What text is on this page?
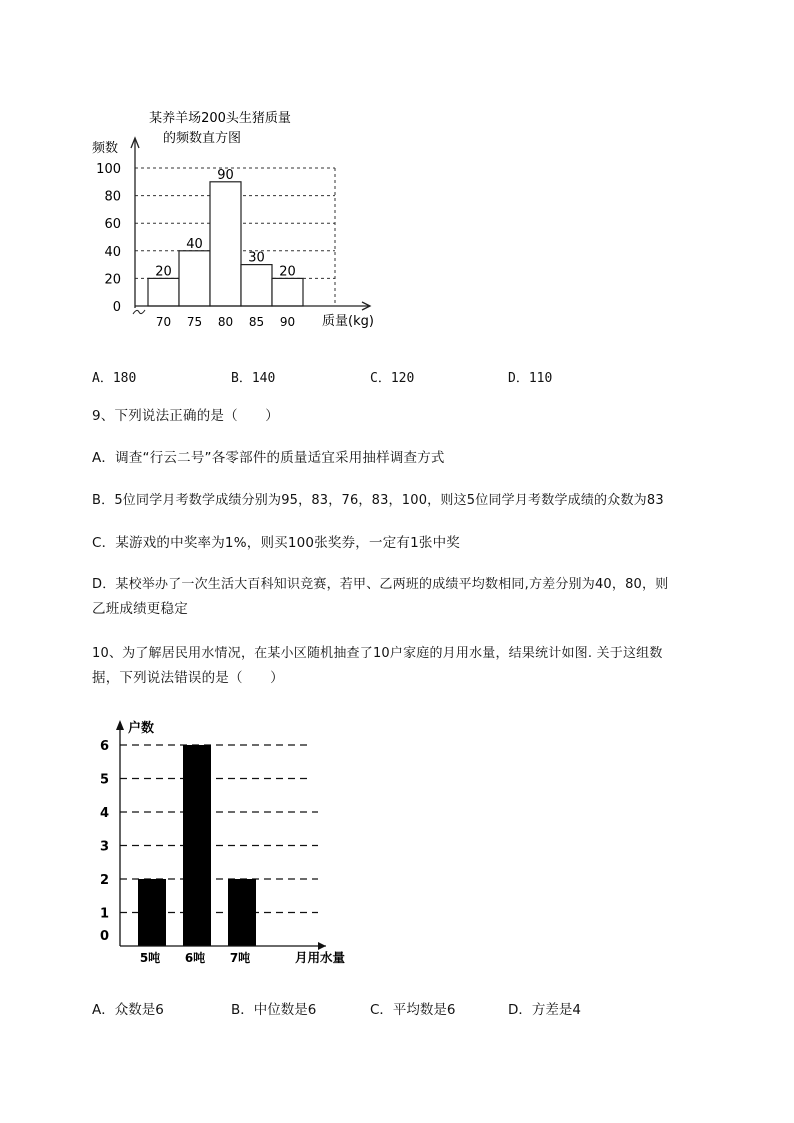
某养羊场200头生猪质量
的频数直方图
频数
质量(kg)
0
20
40
60
80
100
70 75 80 85 90
20
40
90
30
20
A．180	B．140	C．120	D．110
9、下列说法正确的是（　　）
A．调查“行云二号”各零部件的质量适宜采用抽样调查方式
B．5位同学月考数学成绩分别为95，83，76，83，100，则这5位同学月考数学成绩的众数为83
C．某游戏的中奖率为1%，则买100张奖券，一定有1张中奖
D．某校举办了一次生活大百科知识竞赛，若甲、乙两班的成绩平均数相同,方差分别为40，80，则
乙班成绩更稳定
10、为了解居民用水情况，在某小区随机抽查了10户家庭的月用水量，结果统计如图. 关于这组数
据，下列说法错误的是（　　）
户数
月用水量
0
1
2
3
4
5
6
5吨 6吨 7吨
A．众数是6	B．中位数是6	C．平均数是6	D．方差是4
